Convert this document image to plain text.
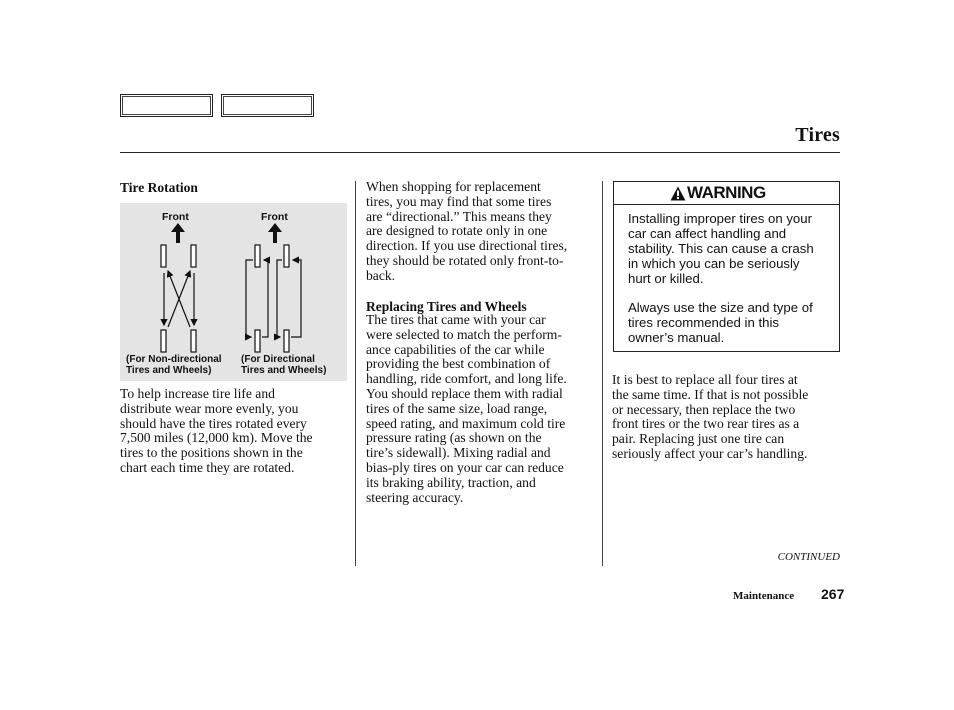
Tires
Tire Rotation
Front	Front
(For Non-directional
Tires and Wheels)
(For Directional
Tires and Wheels)
To help increase tire life and
distribute wear more evenly, you
should have the tires rotated every
7,500 miles (12,000 km). Move the
tires to the positions shown in the
chart each time they are rotated.
When shopping for replacement
tires, you may find that some tires
are “directional.” This means they
are designed to rotate only in one
direction. If you use directional tires,
they should be rotated only front-to-
back.
Replacing Tires and Wheels
The tires that came with your car
were selected to match the perform-
ance capabilities of the car while
providing the best combination of
handling, ride comfort, and long life.
You should replace them with radial
tires of the same size, load range,
speed rating, and maximum cold tire
pressure rating (as shown on the
tire’s sidewall). Mixing radial and
bias-ply tires on your car can reduce
its braking ability, traction, and
steering accuracy.
WARNING
Installing improper tires on your
car can affect handling and
stability. This can cause a crash
in which you can be seriously
hurt or killed.
Always use the size and type of
tires recommended in this
owner’s manual.
It is best to replace all four tires at
the same time. If that is not possible
or necessary, then replace the two
front tires or the two rear tires as a
pair. Replacing just one tire can
seriously affect your car’s handling.
CONTINUED
Maintenance 267
